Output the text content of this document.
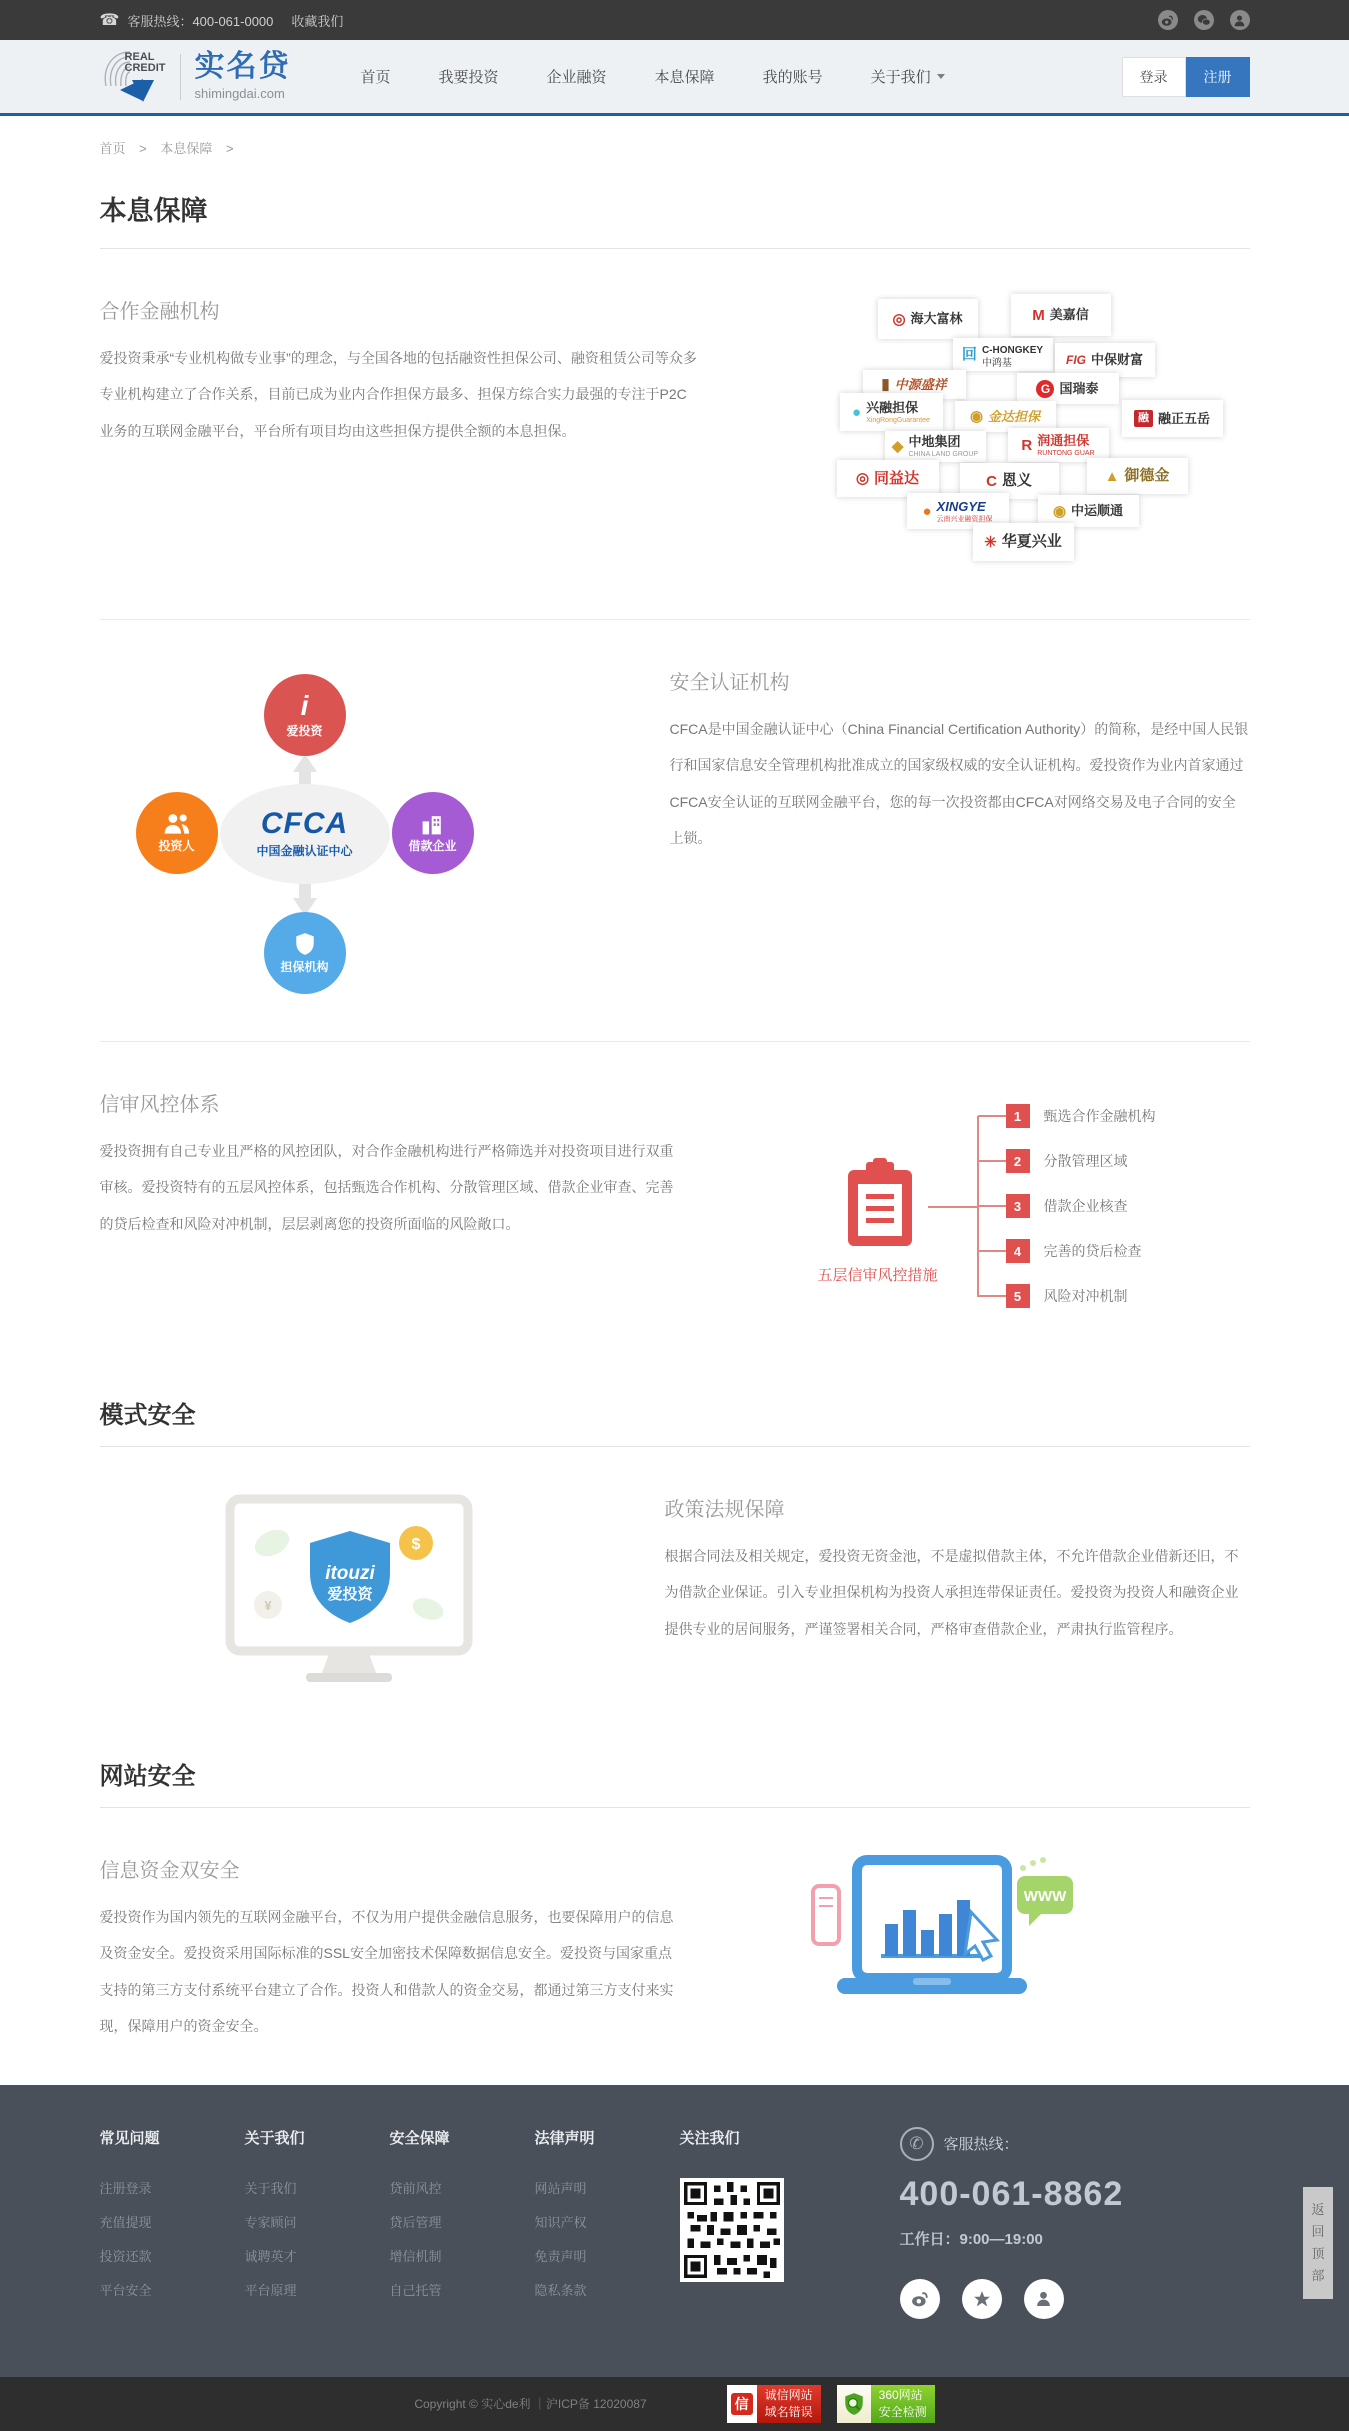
☎ 客服热线：400-061-0000 收藏我们
REAL
CREDIT 实名贷
shimingdai.com
首页	我要投资	企业融资	本息保障	我的账号	关于我们	登录	注册
首页 > 本息保障 >
本息保障
合作金融机构

爱投资秉承“专业机构做专业事”的理念，与全国各地的包括融资性担保公司、融资租赁公司等众多专业机构建立了合作关系，目前已成为业内合作担保方最多、担保方综合实力最强的专注于P2C业务的互联网金融平台，平台所有项目均由这些担保方提供全额的本息担保。

◎ 海大富林	M 美嘉信
回 C-HONGKEY
中鸿基	FIG 中保财富
▮ 中源盛祥	G 国瑞泰
● 兴融担保
XingRongGuarantee	◉ 金达担保	融 融正五岳
◆ 中地集团
CHINA LAND GROUP
R 润通担保
RUNTONG GUAR
◎ 同益达	C 恩义	▲ 御德金
● XINGYE
云南兴业融资担保	◉ 中运顺通
✳ 华夏兴业
i
爱投资
投资人	借款企业
担保机构
CFCA
中国金融认证中心
安全认证机构

CFCA是中国金融认证中心（China Financial Certification Authority）的简称，是经中国人民银行和国家信息安全管理机构批准成立的国家级权威的安全认证机构。爱投资作为业内首家通过CFCA安全认证的互联网金融平台，您的每一次投资都由CFCA对网络交易及电子合同的安全上锁。

信审风控体系

爱投资拥有自己专业且严格的风控团队，对合作金融机构进行严格筛选并对投资项目进行双重审核。爱投资特有的五层风控体系，包括甄选合作机构、分散管理区域、借款企业审查、完善的贷后检查和风险对冲机制，层层剥离您的投资所面临的风险敞口。

五层信审风控措施
1	甄选合作金融机构
2	分散管理区域
3	借款企业核查
4	完善的贷后检查
5	风险对冲机制
模式安全
¥
$
itouzi
爱投资
政策法规保障

根据合同法及相关规定，爱投资无资金池，不是虚拟借款主体，不允许借款企业借新还旧，不为借款企业保证。引入专业担保机构为投资人承担连带保证责任。爱投资为投资人和融资企业提供专业的居间服务，严谨签署相关合同，严格审查借款企业，严肃执行监管程序。

网站安全
信息资金双安全

爱投资作为国内领先的互联网金融平台，不仅为用户提供金融信息服务，也要保障用户的信息及资金安全。爱投资采用国际标准的SSL安全加密技术保障数据信息安全。爱投资与国家重点支持的第三方支付系统平台建立了合作。投资人和借款人的资金交易，都通过第三方支付来实现，保障用户的资金安全。

WWW
常见问题
注册登录
充值提现
投资还款
平台安全
关于我们
关于我们
专家顾问
诚聘英才
平台原理
安全保障
贷前风控
贷后管理
增信机制
自己托管
法律声明
网站声明
知识产权
免责声明
隐私条款
关注我们	✆	客服热线：
400-061-8862
工作日：9:00—19:00
返回顶部
Copyright © 实心de利 ｜沪ICP备 12020087	信
诚信网站
域名错误
360网站
安全检测
